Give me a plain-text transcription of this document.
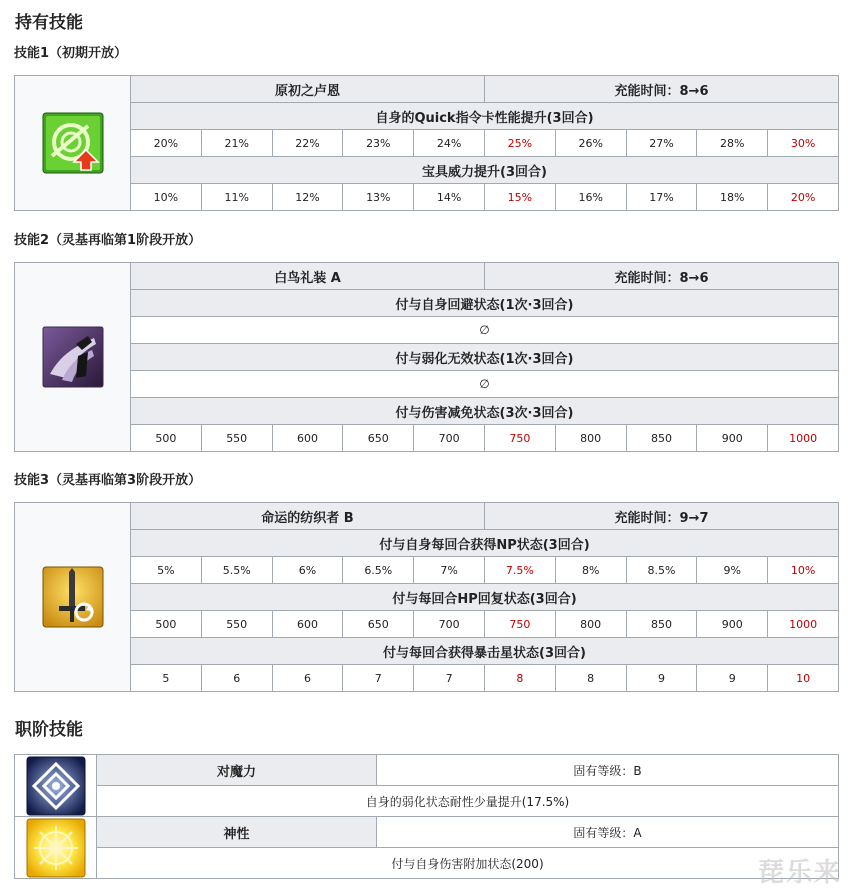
持有技能
技能1（初期开放）
	原初之卢恩					充能时间：8→6				
	自身的Quick指令卡性能提升(3回合)									
	20%	21%	22%	23%	24%	25%	26%	27%	28%	30%
	宝具威力提升(3回合)									
	10%	11%	12%	13%	14%	15%	16%	17%	18%	20%
技能2（灵基再临第1阶段开放）
	白鸟礼装 A					充能时间：8→6				
	付与自身回避状态(1次·3回合)									
	∅									
	付与弱化无效状态(1次·3回合)									
	∅									
	付与伤害减免状态(3次·3回合)									
	500	550	600	650	700	750	800	850	900	1000
技能3（灵基再临第3阶段开放）
	命运的纺织者 B					充能时间：9→7				
	付与自身每回合获得NP状态(3回合)									
	5%	5.5%	6%	6.5%	7%	7.5%	8%	8.5%	9%	10%
	付与每回合HP回复状态(3回合)									
	500	550	600	650	700	750	800	850	900	1000
	付与每回合获得暴击星状态(3回合)									
	5	6	6	7	7	8	8	9	9	10
职阶技能
	对魔力	固有等级：B
	自身的弱化状态耐性少量提升(17.5%)	

	神性	固有等级：A
	付与自身伤害附加状态(200)		琵乐来
